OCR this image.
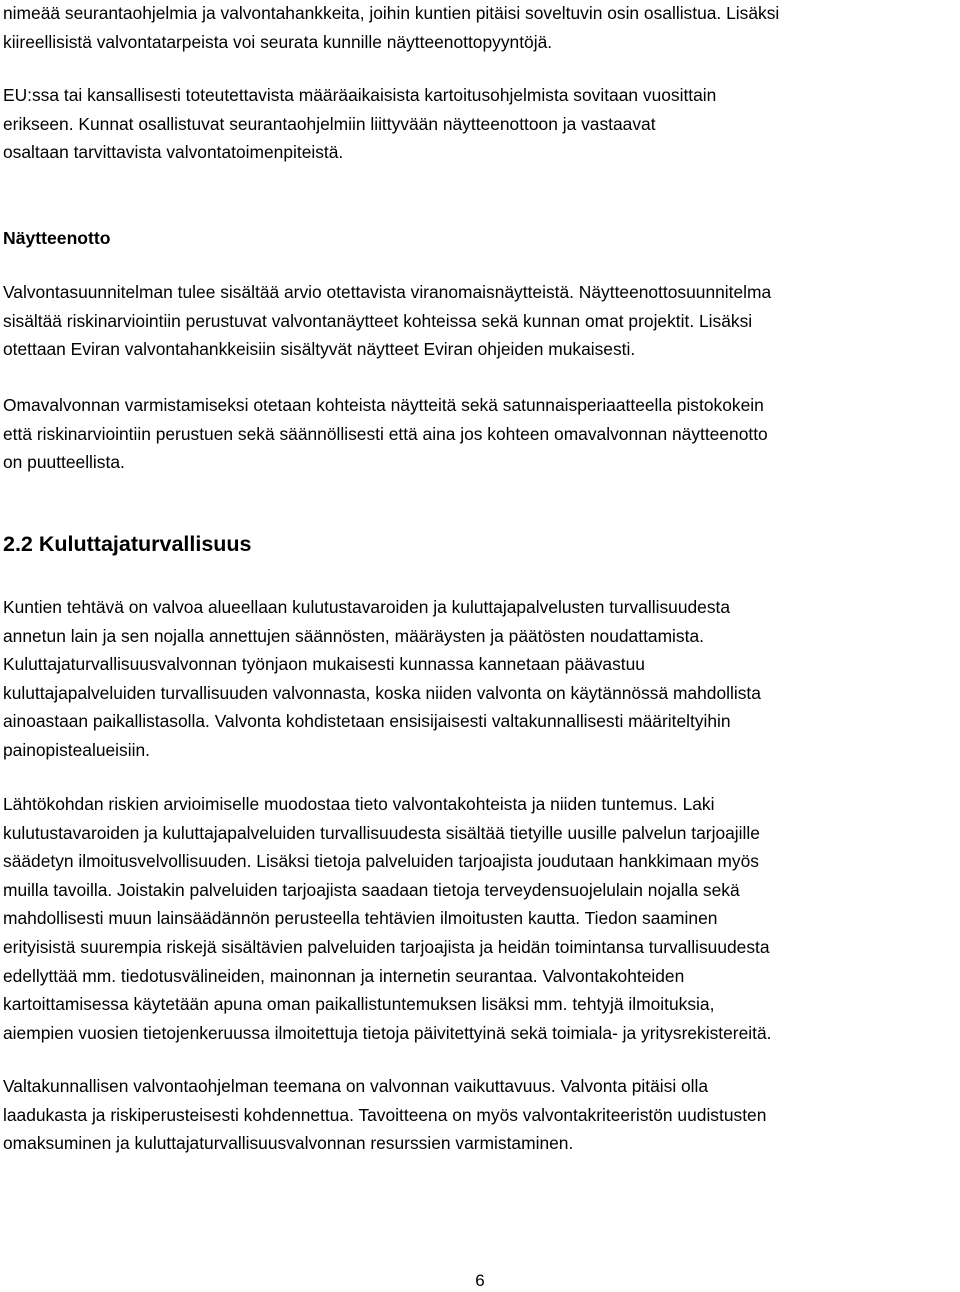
nimeää seurantaohjelmia ja valvontahankkeita, joihin kuntien pitäisi soveltuvin osin osallistua. Lisäksi
kiireellisistä valvontatarpeista voi seurata kunnille näytteenottopyyntöjä.

EU:ssa tai kansallisesti toteutettavista määräaikaisista kartoitusohjelmista sovitaan vuosittain
erikseen. Kunnat osallistuvat seurantaohjelmiin liittyvään näytteenottoon ja vastaavat
osaltaan tarvittavista valvontatoimenpiteistä.

Näytteenotto

Valvontasuunnitelman tulee sisältää arvio otettavista viranomaisnäytteistä. Näytteenottosuunnitelma
sisältää riskinarviointiin perustuvat valvontanäytteet kohteissa sekä kunnan omat projektit. Lisäksi
otettaan Eviran valvontahankkeisiin sisältyvät näytteet Eviran ohjeiden mukaisesti.

Omavalvonnan varmistamiseksi otetaan kohteista näytteitä sekä satunnaisperiaatteella pistokokein
että riskinarviointiin perustuen sekä säännöllisesti että aina jos kohteen omavalvonnan näytteenotto
on puutteellista.

2.2 Kuluttajaturvallisuus

Kuntien tehtävä on valvoa alueellaan kulutustavaroiden ja kuluttajapalvelusten turvallisuudesta
annetun lain ja sen nojalla annettujen säännösten, määräysten ja päätösten noudattamista.
Kuluttajaturvallisuusvalvonnan työnjaon mukaisesti kunnassa kannetaan päävastuu
kuluttajapalveluiden turvallisuuden valvonnasta, koska niiden valvonta on käytännössä mahdollista
ainoastaan paikallistasolla. Valvonta kohdistetaan ensisijaisesti valtakunnallisesti määriteltyihin
painopistealueisiin.

Lähtökohdan riskien arvioimiselle muodostaa tieto valvontakohteista ja niiden tuntemus. Laki
kulutustavaroiden ja kuluttajapalveluiden turvallisuudesta sisältää tietyille uusille palvelun tarjoajille
säädetyn ilmoitusvelvollisuuden. Lisäksi tietoja palveluiden tarjoajista joudutaan hankkimaan myös
muilla tavoilla. Joistakin palveluiden tarjoajista saadaan tietoja terveydensuojelulain nojalla sekä
mahdollisesti muun lainsäädännön perusteella tehtävien ilmoitusten kautta. Tiedon saaminen
erityisistä suurempia riskejä sisältävien palveluiden tarjoajista ja heidän toimintansa turvallisuudesta
edellyttää mm. tiedotusvälineiden, mainonnan ja internetin seurantaa. Valvontakohteiden
kartoittamisessa käytetään apuna oman paikallistuntemuksen lisäksi mm. tehtyjä ilmoituksia,
aiempien vuosien tietojenkeruussa ilmoitettuja tietoja päivitettyinä sekä toimiala- ja yritysrekistereitä.

Valtakunnallisen valvontaohjelman teemana on valvonnan vaikuttavuus. Valvonta pitäisi olla
laadukasta ja riskiperusteisesti kohdennettua. Tavoitteena on myös valvontakriteeristön uudistusten
omaksuminen ja kuluttajaturvallisuusvalvonnan resurssien varmistaminen.

6
